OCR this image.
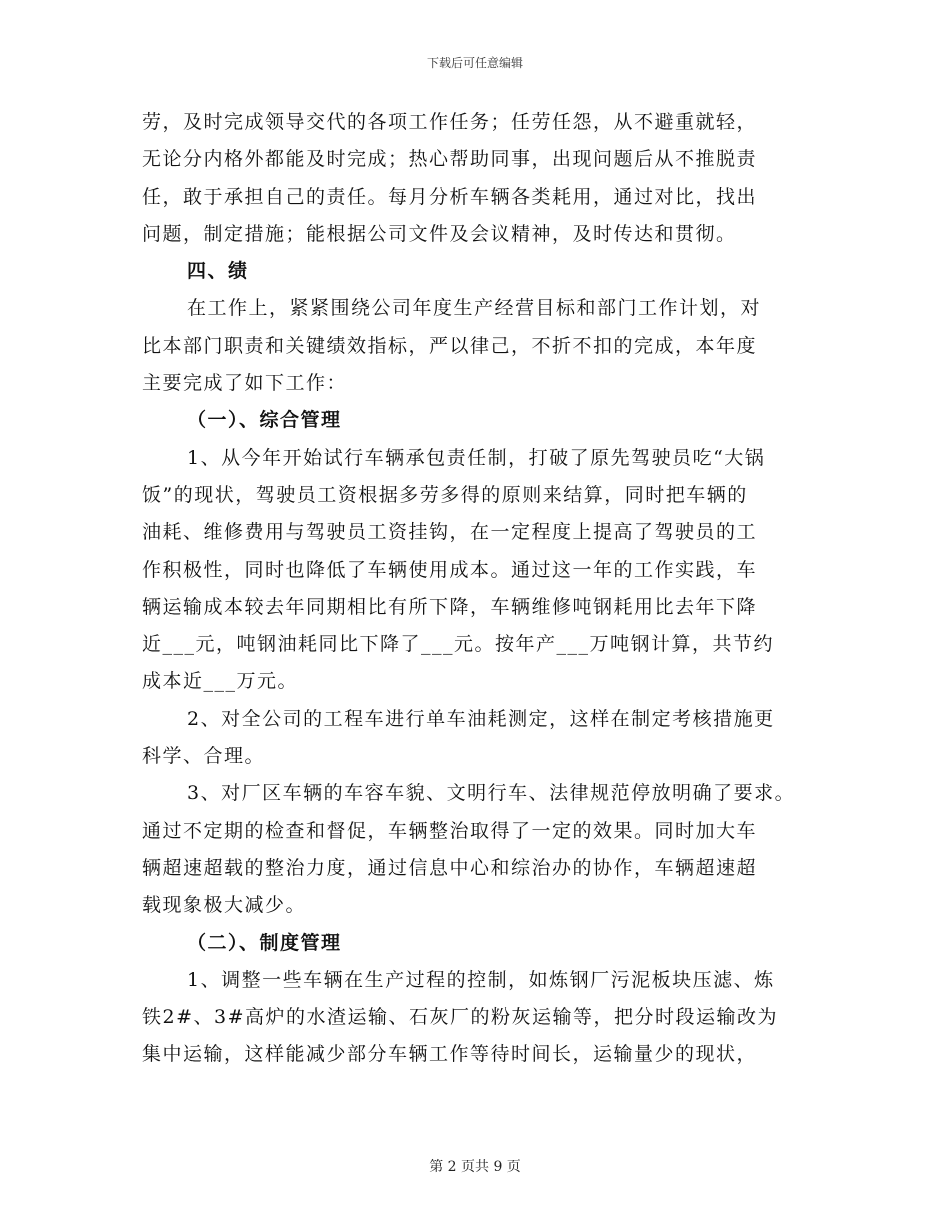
下载后可任意编辑
劳，及时完成领导交代的各项工作任务；任劳任怨，从不避重就轻，
无论分内格外都能及时完成；热心帮助同事，出现问题后从不推脱责
任，敢于承担自己的责任。每月分析车辆各类耗用，通过对比，找出
问题，制定措施；能根据公司文件及会议精神，及时传达和贯彻。
四、绩
在工作上，紧紧围绕公司年度生产经营目标和部门工作计划，对
比本部门职责和关键绩效指标，严以律己，不折不扣的完成，本年度
主要完成了如下工作：
（一）、综合管理
1、从今年开始试行车辆承包责任制，打破了原先驾驶员吃“大锅
饭”的现状，驾驶员工资根据多劳多得的原则来结算，同时把车辆的
油耗、维修费用与驾驶员工资挂钩，在一定程度上提高了驾驶员的工
作积极性，同时也降低了车辆使用成本。通过这一年的工作实践，车
辆运输成本较去年同期相比有所下降，车辆维修吨钢耗用比去年下降
近___元，吨钢油耗同比下降了___元。按年产___万吨钢计算，共节约
成本近___万元。
2、对全公司的工程车进行单车油耗测定，这样在制定考核措施更
科学、合理。
3、对厂区车辆的车容车貌、文明行车、法律规范停放明确了要求。
通过不定期的检查和督促，车辆整治取得了一定的效果。同时加大车
辆超速超载的整治力度，通过信息中心和综治办的协作，车辆超速超
载现象极大减少。
（二）、制度管理
1、调整一些车辆在生产过程的控制，如炼钢厂污泥板块压滤、炼
铁2#、3#高炉的水渣运输、石灰厂的粉灰运输等，把分时段运输改为
集中运输，这样能减少部分车辆工作等待时间长，运输量少的现状，
第 2 页共 9 页
